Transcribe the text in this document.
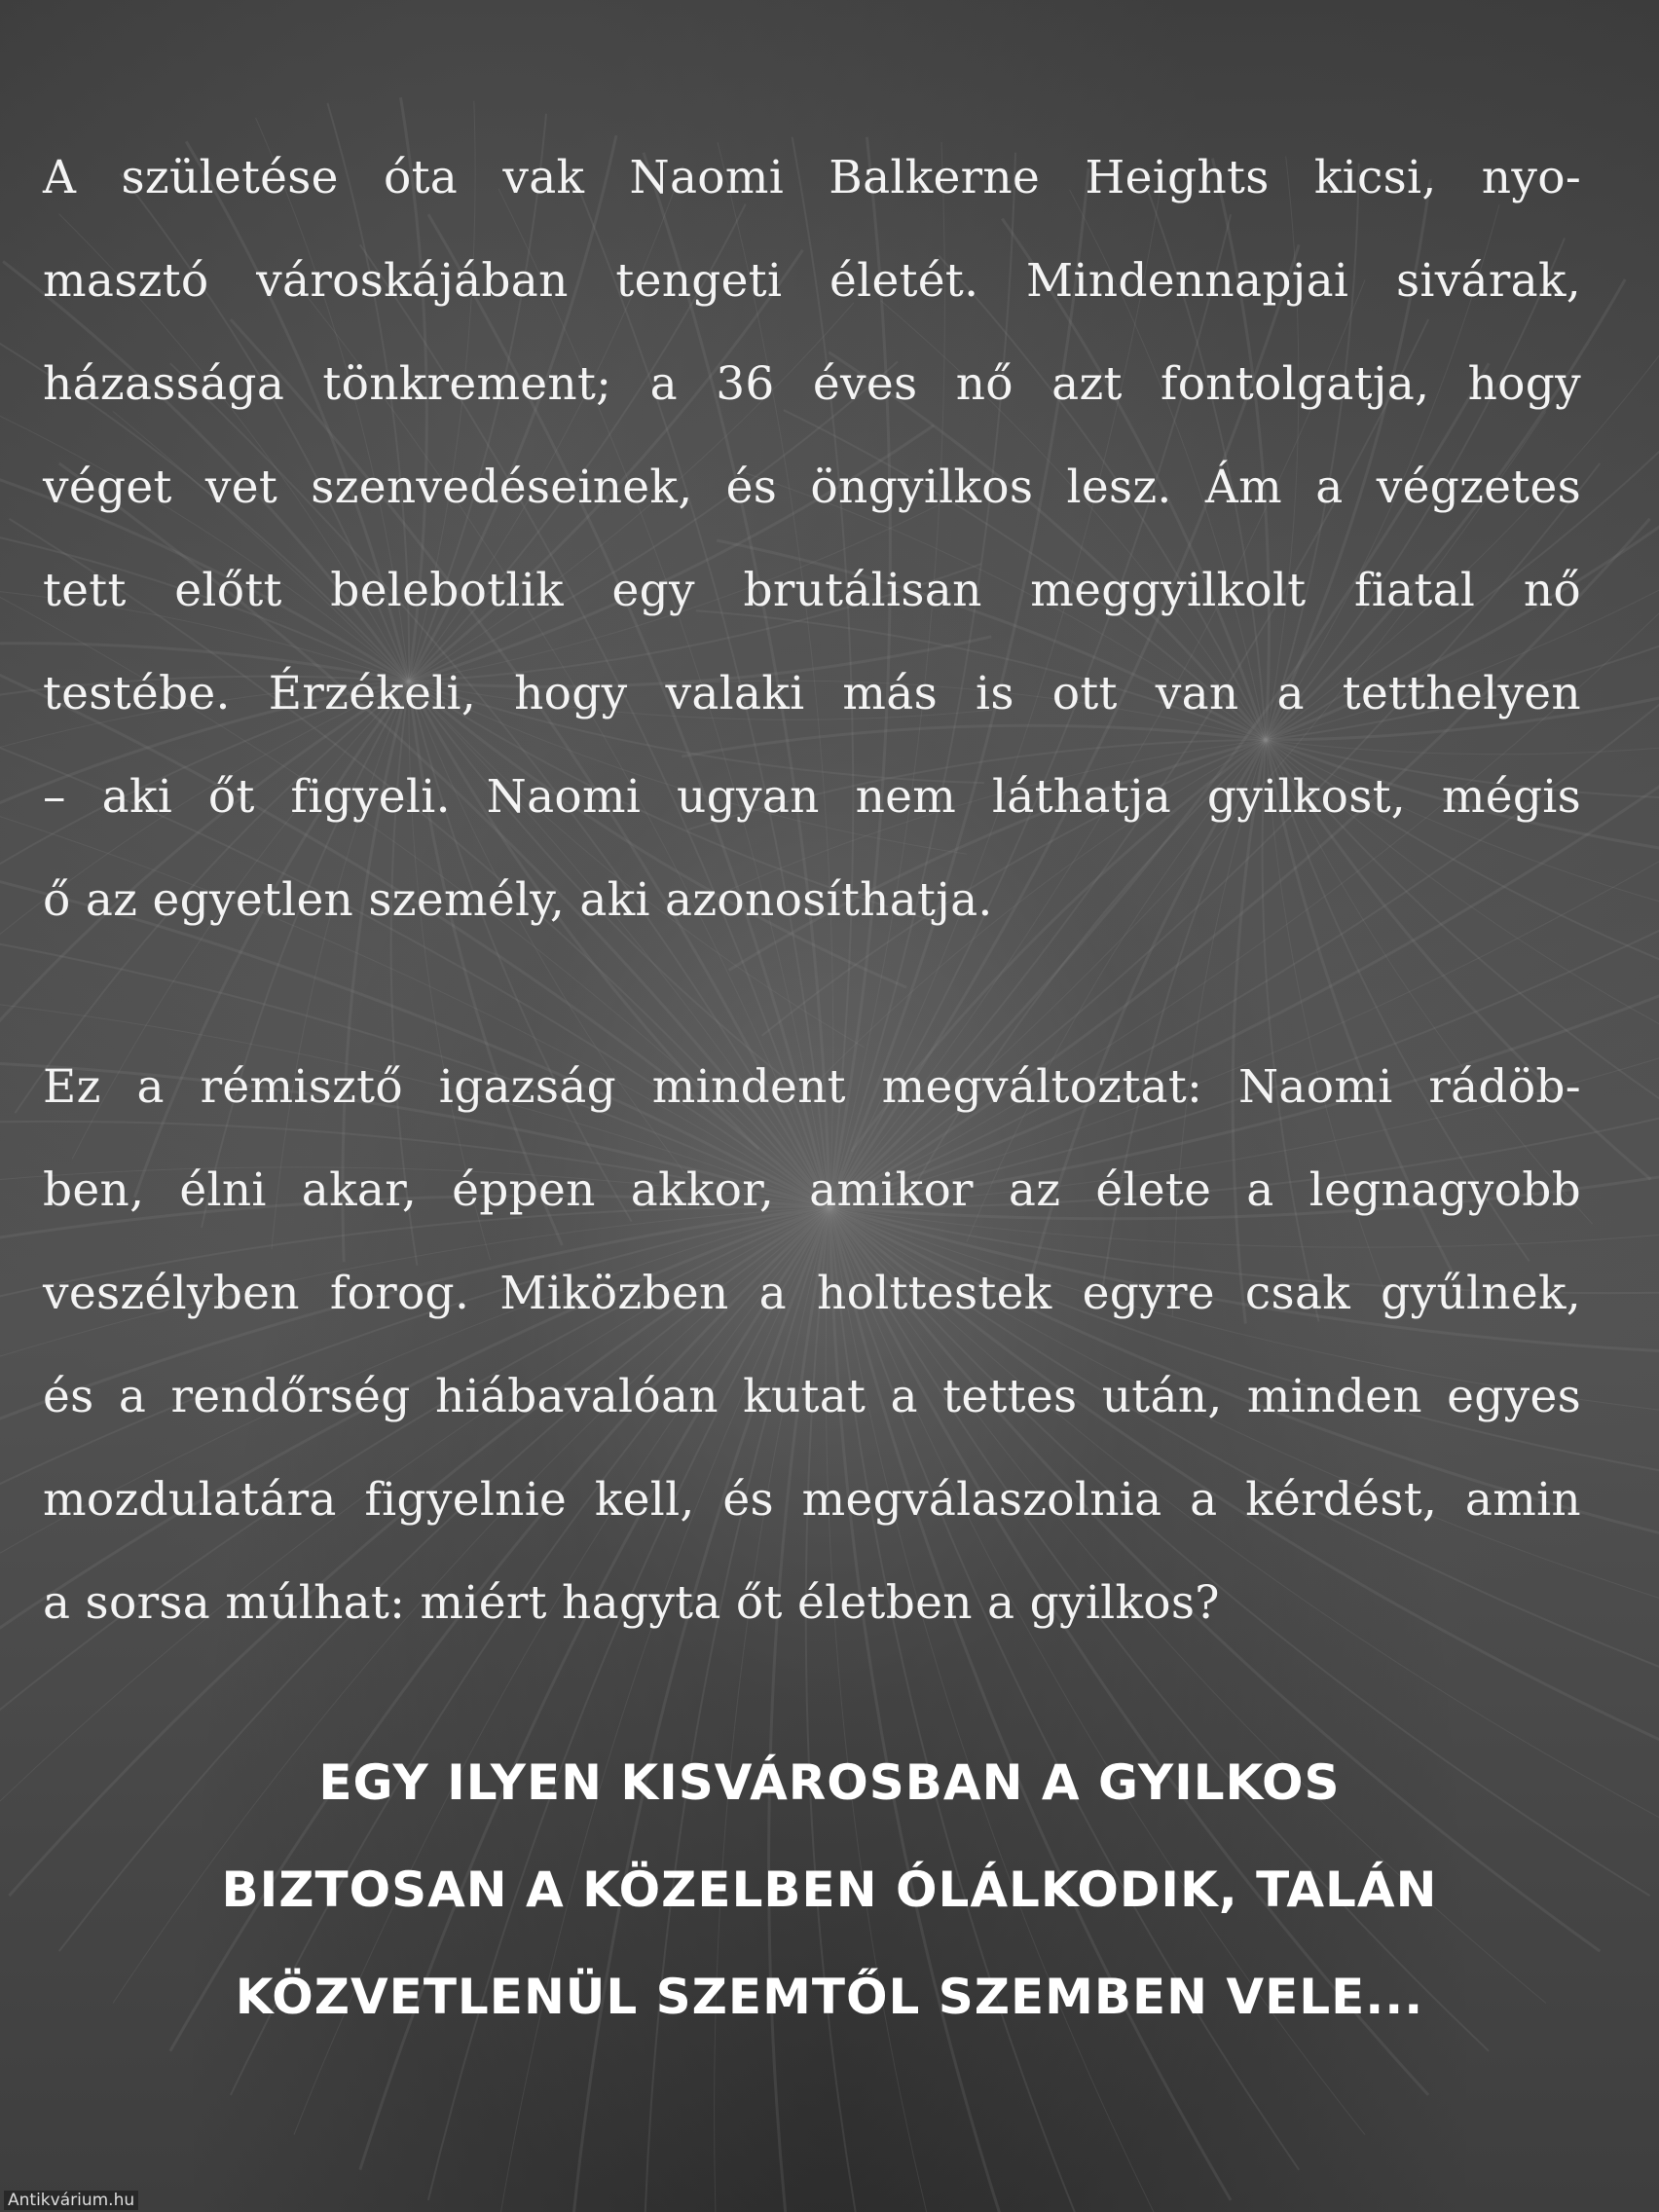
A születése óta vak Naomi Balkerne Heights kicsi, nyo-
masztó városkájában tengeti életét. Mindennapjai sivárak,
házassága tönkrement; a 36 éves nő azt fontolgatja, hogy
véget vet szenvedéseinek, és öngyilkos lesz. Ám a végzetes
tett előtt belebotlik egy brutálisan meggyilkolt fiatal nő
testébe. Érzékeli, hogy valaki más is ott van a tetthelyen
– aki őt figyeli. Naomi ugyan nem láthatja gyilkost, mégis
ő az egyetlen személy, aki azonosíthatja.

Ez a rémisztő igazság mindent megváltoztat: Naomi rádöb-
ben, élni akar, éppen akkor, amikor az élete a legnagyobb
veszélyben forog. Miközben a holttestek egyre csak gyűlnek,
és a rendőrség hiábavalóan kutat a tettes után, minden egyes
mozdulatára figyelnie kell, és megválaszolnia a kérdést, amin
a sorsa múlhat: miért hagyta őt életben a gyilkos?

EGY ILYEN KISVÁROSBAN A GYILKOS
BIZTOSAN A KÖZELBEN ÓLÁLKODIK, TALÁN
KÖZVETLENÜL SZEMTŐL SZEMBEN VELE...

Antikvárium.hu
